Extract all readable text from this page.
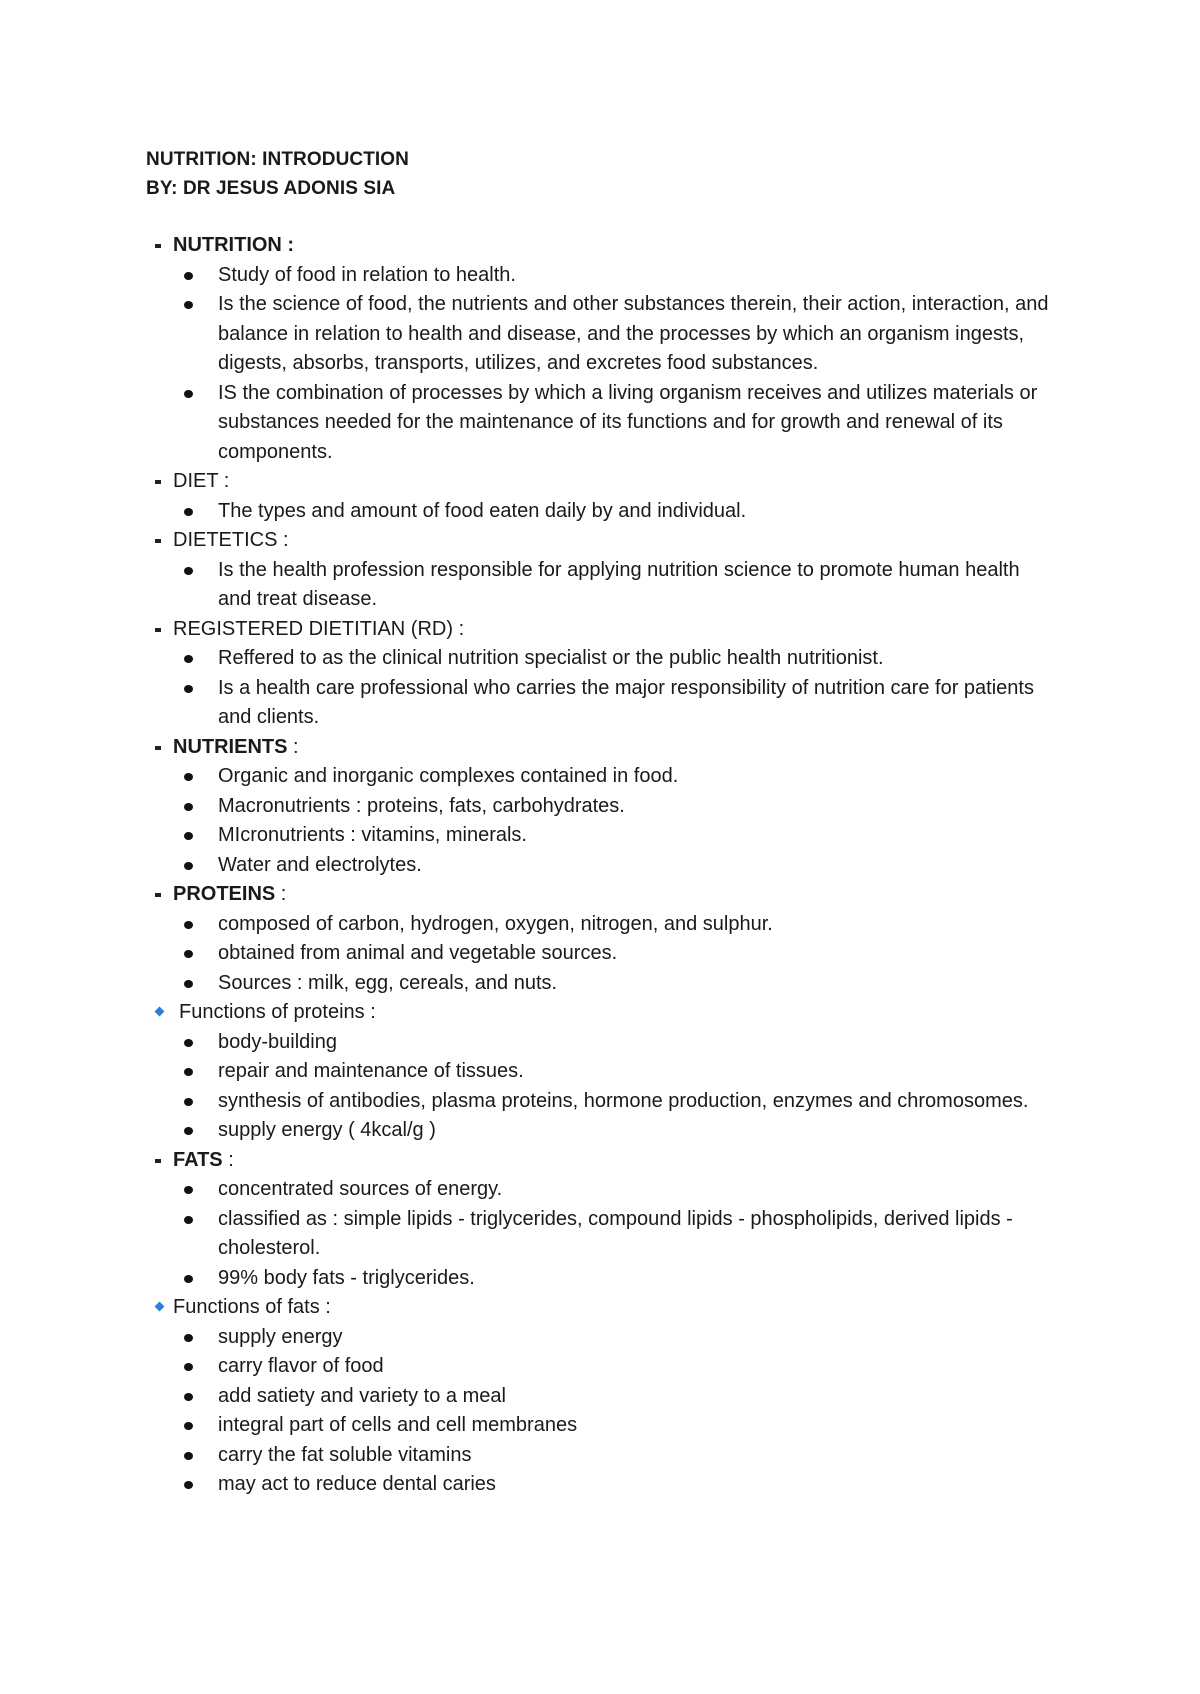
NUTRITION: INTRODUCTION
BY: DR JESUS ADONIS SIA
NUTRITION :
Study of food in relation to health.
Is the science of food, the nutrients and other substances therein, their action, interaction, and balance in relation to health and disease, and the processes by which an organism ingests, digests, absorbs, transports, utilizes, and excretes food substances.
IS the combination of processes by which a living organism receives and utilizes materials or substances needed for the maintenance of its functions and for growth and renewal of its components.
DIET :
The types and amount of food eaten daily by and individual.
DIETETICS :
Is the health profession responsible for applying nutrition science to promote human health and treat disease.
REGISTERED DIETITIAN (RD) :
Reffered to as the clinical nutrition specialist or the public health nutritionist.
Is a health care professional who carries the major responsibility of nutrition care for patients and clients.
NUTRIENTS :
Organic and inorganic complexes contained in food.
Macronutrients : proteins, fats, carbohydrates.
MIcronutrients : vitamins, minerals.
Water and electrolytes.
PROTEINS :
composed of carbon, hydrogen, oxygen, nitrogen, and sulphur.
obtained from animal and vegetable sources.
Sources : milk, egg, cereals, and nuts.
Functions of proteins :
body-building
repair and maintenance of tissues.
synthesis of antibodies, plasma proteins, hormone production, enzymes and chromosomes.
supply energy ( 4kcal/g )
FATS :
concentrated sources of energy.
classified as : simple lipids - triglycerides, compound lipids - phospholipids, derived lipids - cholesterol.
99% body fats - triglycerides.
Functions of fats :
supply energy
carry flavor of food
add satiety and variety to a meal
integral part of cells and cell membranes
carry the fat soluble vitamins
may act to reduce dental caries
